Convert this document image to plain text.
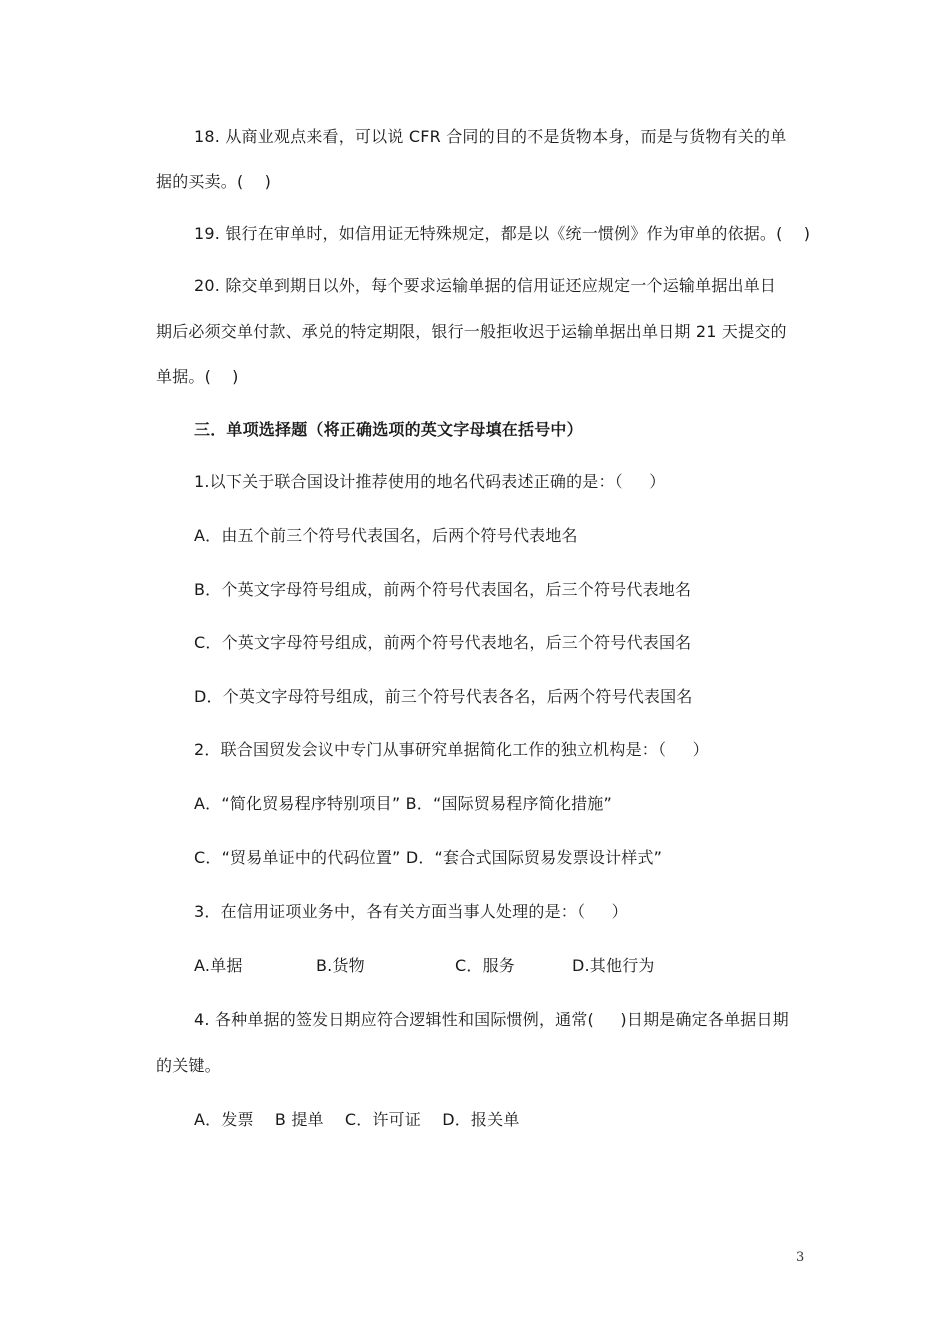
18. 从商业观点来看，可以说 CFR 合同的目的不是货物本身，而是与货物有关的单
据的买卖。(    )
19. 银行在审单时，如信用证无特殊规定，都是以《统一惯例》作为审单的依据。(    )
20. 除交单到期日以外，每个要求运输单据的信用证还应规定一个运输单据出单日
期后必须交单付款、承兑的特定期限，银行一般拒收迟于运输单据出单日期 21 天提交的
单据。(    )
三．单项选择题（将正确选项的英文字母填在括号中）
1.以下关于联合国设计推荐使用的地名代码表述正确的是：（     ）
A．由五个前三个符号代表国名，后两个符号代表地名
B．个英文字母符号组成，前两个符号代表国名，后三个符号代表地名
C．个英文字母符号组成，前两个符号代表地名，后三个符号代表国名
D．个英文字母符号组成，前三个符号代表各名，后两个符号代表国名
2．联合国贸发会议中专门从事研究单据简化工作的独立机构是：（     ）
A．“简化贸易程序特别项目” B．“国际贸易程序简化措施”
C．“贸易单证中的代码位置” D．“套合式国际贸易发票设计样式”
3．在信用证项业务中，各有关方面当事人处理的是：（     ）
A.单据	B.货物	C．服务	D.其他行为
4. 各种单据的签发日期应符合逻辑性和国际惯例，通常(     )日期是确定各单据日期
的关键。
A．发票    B 提单    C．许可证    D．报关单
3
